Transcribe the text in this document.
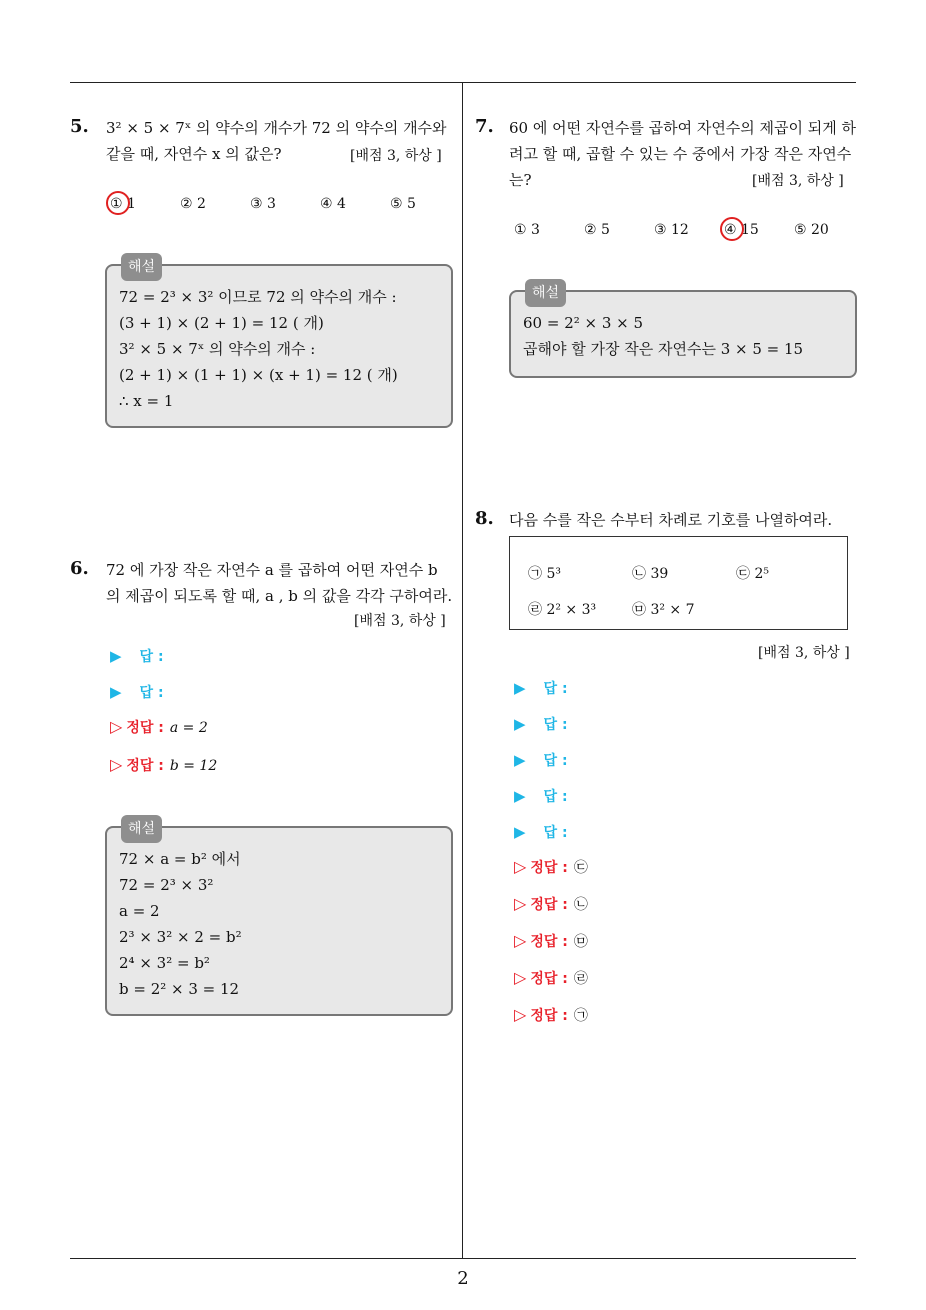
5. 3² × 5 × 7ˣ 의 약수의 개수가 72 의 약수의 개수와
같을 때, 자연수 x 의 값은?	[배점 3, 하상 ]
① 1	② 2	③ 3	④ 4	⑤ 5
해설
72 = 2³ × 3² 이므로 72 의 약수의 개수 :
(3 + 1) × (2 + 1) = 12 ( 개)
3² × 5 × 7ˣ 의 약수의 개수 :
(2 + 1) × (1 + 1) × (x + 1) = 12 ( 개)
∴ x = 1
6. 72 에 가장 작은 자연수 a 를 곱하여 어떤 자연수 b
의 제곱이 되도록 할 때, a , b 의 값을 각각 구하여라.
[배점 3, 하상 ]
▶ 답 :
▶ 답 :
▷ 정답 : a = 2
▷ 정답 : b = 12
해설
72 × a = b² 에서
72 = 2³ × 3²
a = 2
2³ × 3² × 2 = b²
2⁴ × 3² = b²
b = 2² × 3 = 12
7. 60 에 어떤 자연수를 곱하여 자연수의 제곱이 되게 하
려고 할 때, 곱할 수 있는 수 중에서 가장 작은 자연수
는?	[배점 3, 하상 ]
① 3	② 5	③ 12	④ 15	⑤ 20
해설
60 = 2² × 3 × 5
곱해야 할 가장 작은 자연수는 3 × 5 = 15
8. 다음 수를 작은 수부터 차례로 기호를 나열하여라.
㉠ 5³	㉡ 39	㉢ 2⁵
㉣ 2² × 3³	㉤ 3² × 7
[배점 3, 하상 ]
▶ 답 :
▶ 답 :
▶ 답 :
▶ 답 :
▶ 답 :
▷ 정답 : ㉢
▷ 정답 : ㉡
▷ 정답 : ㉤
▷ 정답 : ㉣
▷ 정답 : ㉠
2
